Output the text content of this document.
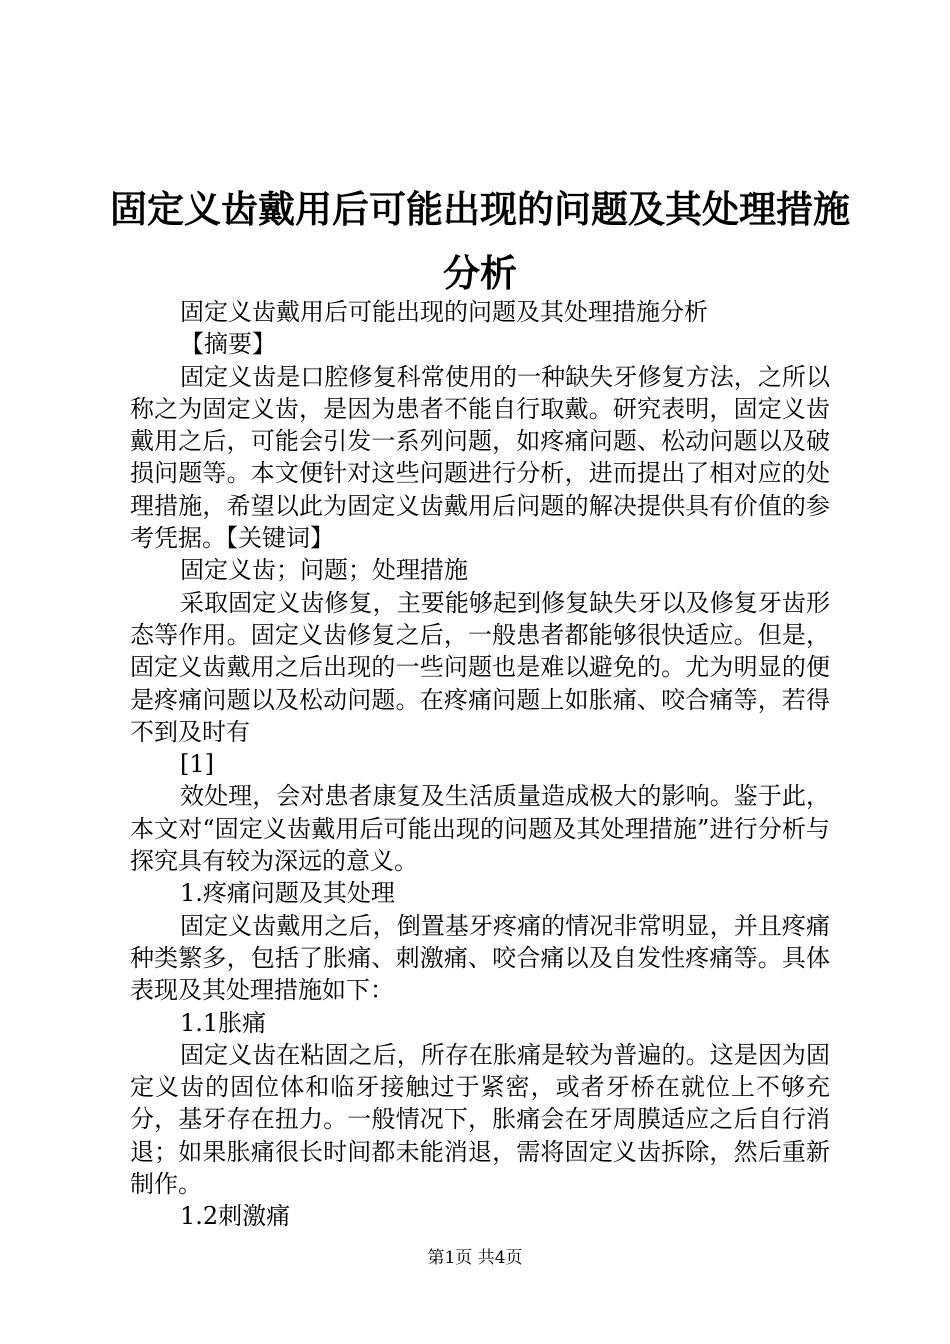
固定义齿戴用后可能出现的问题及其处理措施分析

固定义齿戴用后可能出现的问题及其处理措施分析

【摘要】

固定义齿是口腔修复科常使用的一种缺失牙修复方法，之所以称之为固定义齿，是因为患者不能自行取戴。研究表明，固定义齿戴用之后，可能会引发一系列问题，如疼痛问题、松动问题以及破损问题等。本文便针对这些问题进行分析，进而提出了相对应的处理措施，希望以此为固定义齿戴用后问题的解决提供具有价值的参考凭据。【关键词】

固定义齿；问题；处理措施

采取固定义齿修复，主要能够起到修复缺失牙以及修复牙齿形态等作用。固定义齿修复之后，一般患者都能够很快适应。但是，固定义齿戴用之后出现的一些问题也是难以避免的。尤为明显的便是疼痛问题以及松动问题。在疼痛问题上如胀痛、咬合痛等，若得不到及时有

[1]

效处理，会对患者康复及生活质量造成极大的影响。鉴于此，本文对“固定义齿戴用后可能出现的问题及其处理措施”进行分析与探究具有较为深远的意义。

1.疼痛问题及其处理

固定义齿戴用之后，倒置基牙疼痛的情况非常明显，并且疼痛种类繁多，包括了胀痛、刺激痛、咬合痛以及自发性疼痛等。具体表现及其处理措施如下：

1.1胀痛

固定义齿在粘固之后，所存在胀痛是较为普遍的。这是因为固定义齿的固位体和临牙接触过于紧密，或者牙桥在就位上不够充分，基牙存在扭力。一般情况下，胀痛会在牙周膜适应之后自行消退；如果胀痛很长时间都未能消退，需将固定义齿拆除，然后重新制作。

1.2刺激痛

第1页 共4页
